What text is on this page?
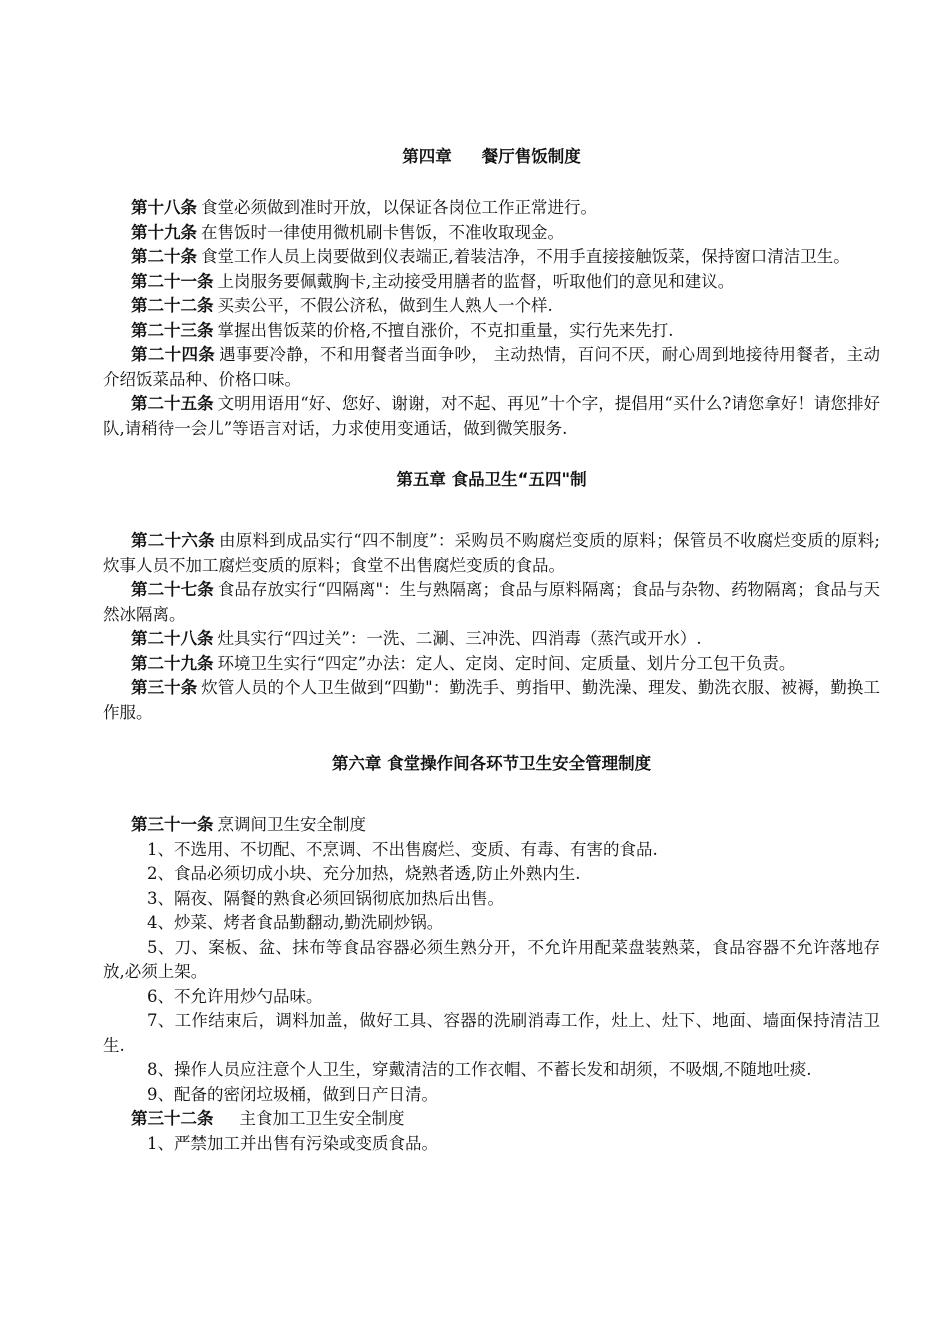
第四章 餐厅售饭制度

第十八条 食堂必须做到准时开放，以保证各岗位工作正常进行。

第十九条 在售饭时一律使用微机刷卡售饭，不准收取现金。

第二十条 食堂工作人员上岗要做到仪表端正,着装洁净，不用手直接接触饭菜，保持窗口清洁卫生。

第二十一条 上岗服务要佩戴胸卡,主动接受用膳者的监督，听取他们的意见和建议。

第二十二条 买卖公平，不假公济私，做到生人熟人一个样.

第二十三条 掌握出售饭菜的价格,不擅自涨价，不克扣重量，实行先来先打.

第二十四条 遇事要冷静，不和用餐者当面争吵， 主动热情，百问不厌，耐心周到地接待用餐者，主动介绍饭菜品种、价格口味。

第二十五条 文明用语用“好、您好、谢谢，对不起、再见”十个字，提倡用“买什么?请您拿好！请您排好队,请稍待一会儿”等语言对话，力求使用变通话，做到微笑服务.

第五章 食品卫生“五四"制

第二十六条 由原料到成品实行“四不制度”：采购员不购腐烂变质的原料；保管员不收腐烂变质的原料;炊事人员不加工腐烂变质的原料；食堂不出售腐烂变质的食品。

第二十七条 食品存放实行“四隔离"：生与熟隔离；食品与原料隔离；食品与杂物、药物隔离；食品与天然冰隔离。

第二十八条 灶具实行“四过关”：一洗、二涮、三冲洗、四消毒（蒸汽或开水）.

第二十九条 环境卫生实行“四定”办法：定人、定岗、定时间、定质量、划片分工包干负责。

第三十条 炊管人员的个人卫生做到“四勤"：勤洗手、剪指甲、勤洗澡、理发、勤洗衣服、被褥，勤换工作服。

第六章 食堂操作间各环节卫生安全管理制度

第三十一条 烹调间卫生安全制度

1、不选用、不切配、不烹调、不出售腐烂、变质、有毒、有害的食品.

2、食品必须切成小块、充分加热，烧熟者透,防止外熟内生.

3、隔夜、隔餐的熟食必须回锅彻底加热后出售。

4、炒菜、烤者食品勤翻动,勤洗刷炒锅。

5、刀、案板、盆、抹布等食品容器必须生熟分开，不允许用配菜盘装熟菜，食品容器不允许落地存放,必须上架。

6、不允许用炒勺品味。

7、工作结束后，调料加盖，做好工具、容器的洗刷消毒工作，灶上、灶下、地面、墙面保持清洁卫生.

8、操作人员应注意个人卫生，穿戴清洁的工作衣帽、不蓄长发和胡须，不吸烟,不随地吐痰.

9、配备的密闭垃圾桶，做到日产日清。

第三十二条 主食加工卫生安全制度

1、严禁加工并出售有污染或变质食品。
